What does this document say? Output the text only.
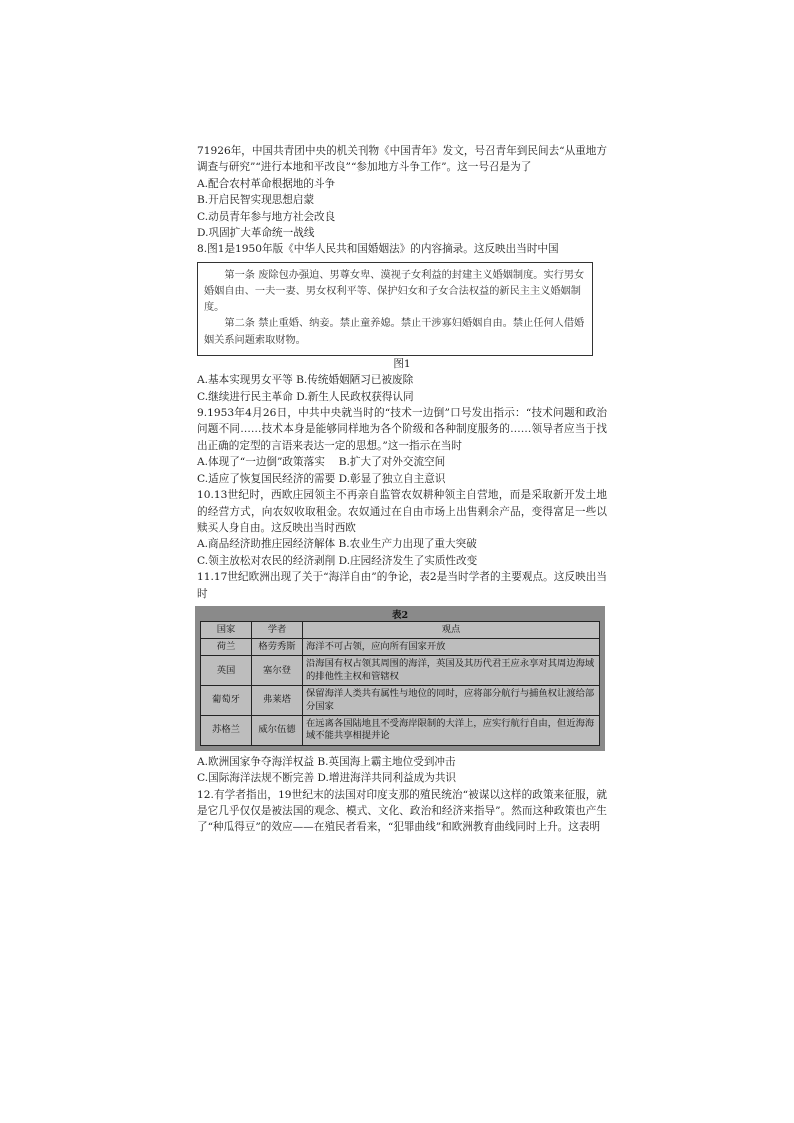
71926年，中国共青团中央的机关刊物《中国青年》发文，号召青年到民间去“从重地方调查与研究”“进行本地和平改良”“参加地方斗争工作”。这一号召是为了

A.配合农村革命根据地的斗争

B.开启民智实现思想启蒙

C.动员青年参与地方社会改良

D.巩固扩大革命统一战线

8.图1是1950年版《中华人民共和国婚姻法》的内容摘录。这反映出当时中国

第一条 废除包办强迫、男尊女卑、漠视子女利益的封建主义婚姻制度。实行男女婚姻自由、一夫一妻、男女权利平等、保护妇女和子女合法权益的新民主主义婚姻制度。

第二条 禁止重婚、纳妾。禁止童养媳。禁止干涉寡妇婚姻自由。禁止任何人借婚姻关系问题索取财物。

图1

A.基本实现男女平等 B.传统婚姻陋习已被废除

C.继续进行民主革命 D.新生人民政权获得认同

9.1953年4月26日，中共中央就当时的“技术一边倒”口号发出指示：“技术问题和政治问题不同……技术本身是能够同样地为各个阶级和各种制度服务的……领导者应当于找出正确的定型的言语来表达一定的思想。”这一指示在当时

A.体现了“一边倒”政策落实　 B.扩大了对外交流空间

C.适应了恢复国民经济的需要 D.彰显了独立自主意识

10.13世纪时，西欧庄园领主不再亲自监管农奴耕种领主自营地，而是采取新开发土地的经营方式，向农奴收取租金。农奴通过在自由市场上出售剩余产品，变得富足一些以赎买人身自由。这反映出当时西欧

A.商品经济助推庄园经济解体 B.农业生产力出现了重大突破

C.领主放松对农民的经济剥削 D.庄园经济发生了实质性改变

11.17世纪欧洲出现了关于“海洋自由”的争论，表2是当时学者的主要观点。这反映出当时

表2
国家	学者	观点
荷兰	格劳秀斯	海洋不可占领，应向所有国家开放
英国	塞尔登	沿海国有权占领其周围的海洋，英国及其历代君王应永享对其周边海域的排他性主权和管辖权
葡萄牙	弗莱塔	保留海洋人类共有属性与地位的同时，应将部分航行与捕鱼权让渡给部分国家
苏格兰	威尔伍德	在远离各国陆地且不受海岸限制的大洋上，应实行航行自由，但近海海域不能共享相提并论

A.欧洲国家争夺海洋权益 B.英国海上霸主地位受到冲击

C.国际海洋法规不断完善 D.增进海洋共同利益成为共识

12.有学者指出，19世纪末的法国对印度支那的殖民统治“被谋以这样的政策来征服，就是它几乎仅仅是被法国的观念、模式、文化、政治和经济来指导”。然而这种政策也产生了“种瓜得豆”的效应——在殖民者看来，“犯罪曲线”和欧洲教育曲线同时上升。这表明
